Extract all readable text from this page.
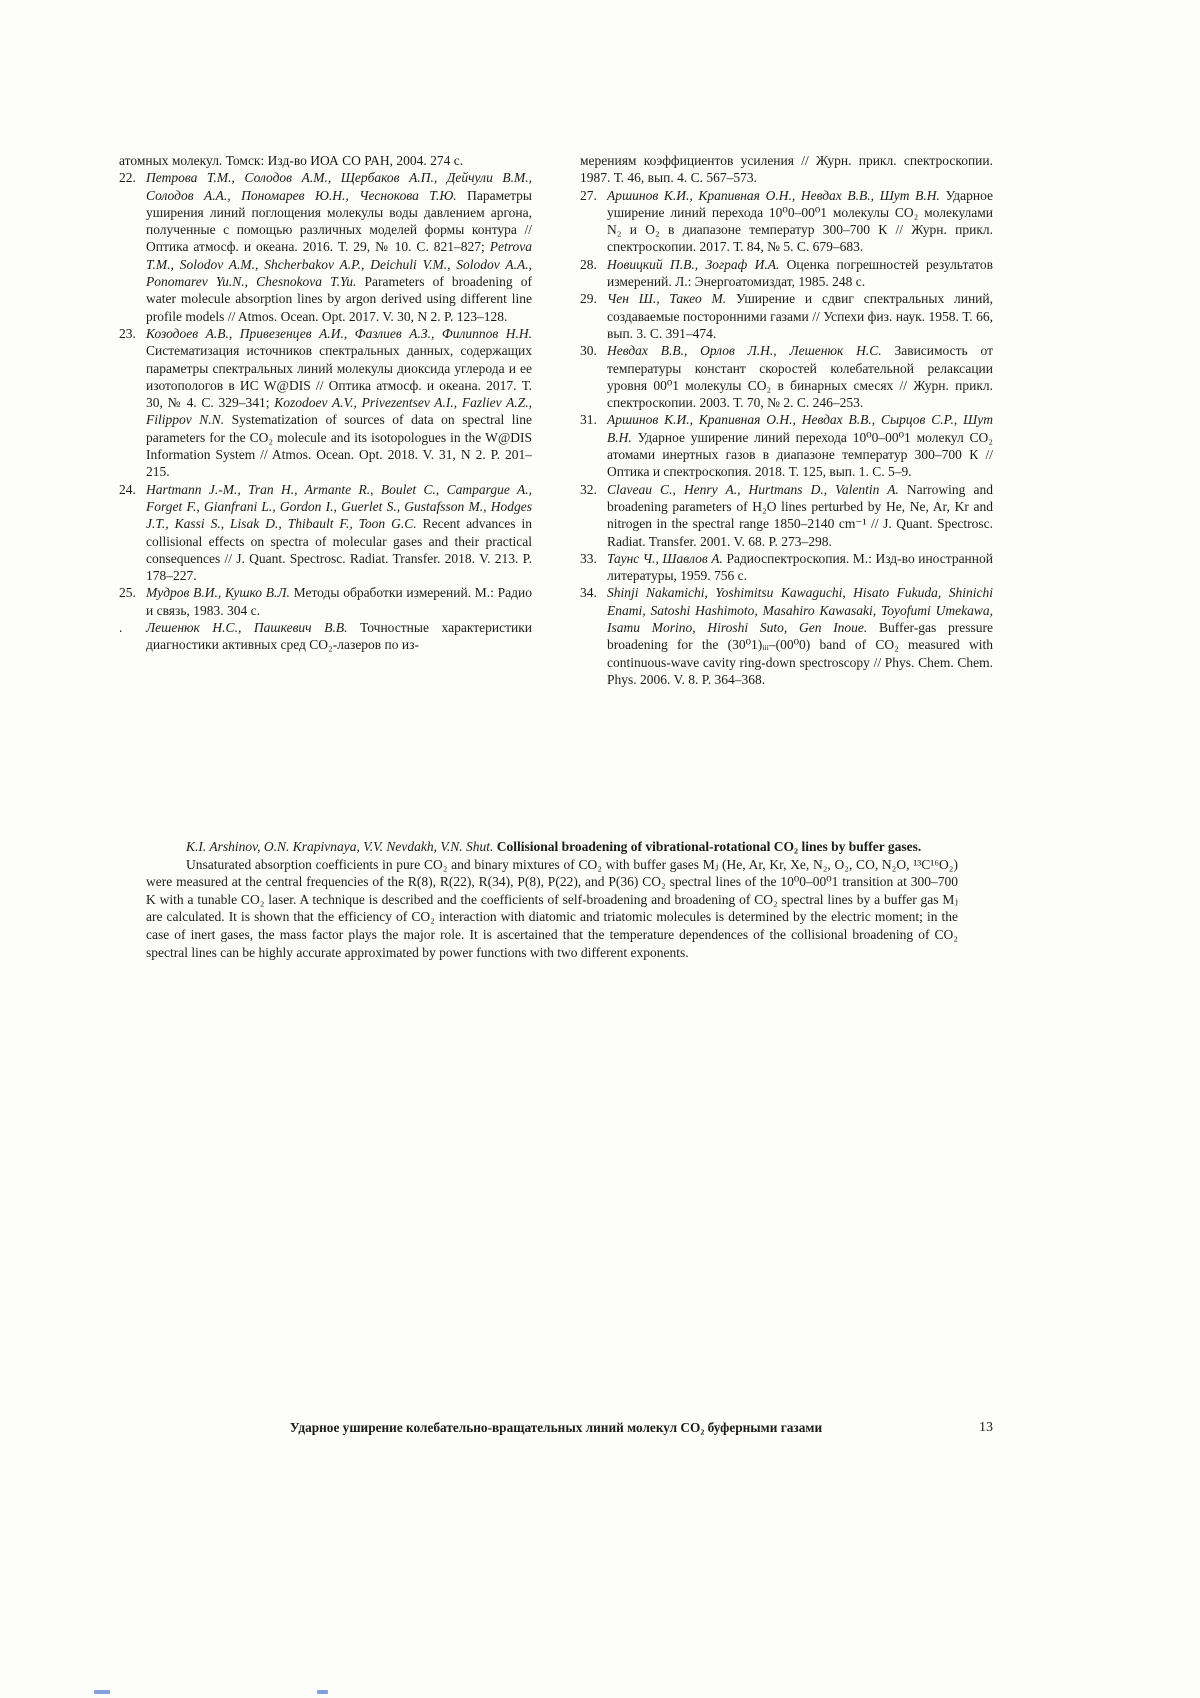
атомных молекул. Томск: Изд-во ИОА СО РАН, 2004. 274 с.
22. Петрова Т.М., Солодов А.М., Щербаков А.П., Дейчули В.М., Солодов А.А., Пономарев Ю.Н., Чеснокова Т.Ю. Параметры уширения линий поглощения молекулы воды давлением аргона, полученные с помощью различных моделей формы контура // Оптика атмосф. и океана. 2016. Т. 29, № 10. С. 821–827; Petrova T.M., Solodov A.M., Shcherbakov A.P., Deichuli V.M., Solodov A.A., Ponomarev Yu.N., Chesnokova T.Yu. Parameters of broadening of water molecule absorption lines by argon derived using different line profile models // Atmos. Ocean. Opt. 2017. V. 30, N 2. P. 123–128.
23. Козодоев А.В., Привезенцев А.И., Фазлиев А.З., Филиппов Н.Н. Систематизация источников спектральных данных, содержащих параметры спектральных линий молекулы диоксида углерода и ее изотопологов в ИС W@DIS // Оптика атмосф. и океана. 2017. Т. 30, № 4. С. 329–341; Kozodoev A.V., Privezentsev A.I., Fazliev A.Z., Filippov N.N. Systematization of sources of data on spectral line parameters for the CO₂ molecule and its isotopologues in the W@DIS Information System // Atmos. Ocean. Opt. 2018. V. 31, N 2. P. 201–215.
24. Hartmann J.-M., Tran H., Armante R., Boulet C., Campargue A., Forget F., Gianfrani L., Gordon I., Guerlet S., Gustafsson M., Hodges J.T., Kassi S., Lisak D., Thibault F., Toon G.C. Recent advances in collisional effects on spectra of molecular gases and their practical consequences // J. Quant. Spectrosc. Radiat. Transfer. 2018. V. 213. P. 178–227.
25. Мудров В.И., Кушко В.Л. Методы обработки измерений. М.: Радио и связь, 1983. 304 с.
. Лешенюк Н.С., Пашкевич В.В. Точностные характеристики диагностики активных сред CO₂-лазеров по из-
мерениям коэффициентов усиления // Журн. прикл. спектроскопии. 1987. Т. 46, вып. 4. С. 567–573.
27. Аршинов К.И., Крапивная О.Н., Невдах В.В., Шут В.Н. Ударное уширение линий перехода 10⁰0–00⁰1 молекулы CO₂ молекулами N₂ и O₂ в диапазоне температур 300–700 К // Журн. прикл. спектроскопии. 2017. Т. 84, № 5. С. 679–683.
28. Новицкий П.В., Зограф И.А. Оценка погрешностей результатов измерений. Л.: Энергоатомиздат, 1985. 248 с.
29. Чен Ш., Такео М. Уширение и сдвиг спектральных линий, создаваемые посторонними газами // Успехи физ. наук. 1958. Т. 66, вып. 3. С. 391–474.
30. Невдах В.В., Орлов Л.Н., Лешенюк Н.С. Зависимость от температуры констант скоростей колебательной релаксации уровня 00⁰1 молекулы CO₂ в бинарных смесях // Журн. прикл. спектроскопии. 2003. Т. 70, № 2. С. 246–253.
31. Аршинов К.И., Крапивная О.Н., Невдах В.В., Сырцов С.Р., Шут В.Н. Ударное уширение линий перехода 10⁰0–00⁰1 молекул CO₂ атомами инертных газов в диапазоне температур 300–700 К // Оптика и спектроскопия. 2018. Т. 125, вып. 1. С. 5–9.
32. Claveau C., Henry A., Hurtmans D., Valentin A. Narrowing and broadening parameters of H₂O lines perturbed by He, Ne, Ar, Kr and nitrogen in the spectral range 1850–2140 cm⁻¹ // J. Quant. Spectrosc. Radiat. Transfer. 2001. V. 68. P. 273–298.
33. Таунс Ч., Шавлов А. Радиоспектроскопия. М.: Изд-во иностранной литературы, 1959. 756 с.
34. Shinji Nakamichi, Yoshimitsu Kawaguchi, Hisato Fukuda, Shinichi Enami, Satoshi Hashimoto, Masahiro Kawasaki, Toyofumi Umekawa, Isamu Morino, Hiroshi Suto, Gen Inoue. Buffer-gas pressure broadening for the (30⁰1)ᵢᵢᵢ–(00⁰0) band of CO₂ measured with continuous-wave cavity ring-down spectroscopy // Phys. Chem. Chem. Phys. 2006. V. 8. P. 364–368.

K.I. Arshinov, O.N. Krapivnaya, V.V. Nevdakh, V.N. Shut. Collisional broadening of vibrational-rotational CO₂ lines by buffer gases.

Unsaturated absorption coefficients in pure CO₂ and binary mixtures of CO₂ with buffer gases Mⱼ (He, Ar, Kr, Xe, N₂, O₂, CO, N₂O, ¹³C¹⁶O₂) were measured at the central frequencies of the R(8), R(22), R(34), P(8), P(22), and P(36) CO₂ spectral lines of the 10⁰0–00⁰1 transition at 300–700 K with a tunable CO₂ laser. A technique is described and the coefficients of self-broadening and broadening of CO₂ spectral lines by a buffer gas Mⱼ are calculated. It is shown that the efficiency of CO₂ interaction with diatomic and triatomic molecules is determined by the electric moment; in the case of inert gases, the mass factor plays the major role. It is ascertained that the temperature dependences of the collisional broadening of CO₂ spectral lines can be highly accurate approximated by power functions with two different exponents.

Ударное уширение колебательно-вращательных линий молекул CO₂ буферными газами	13
